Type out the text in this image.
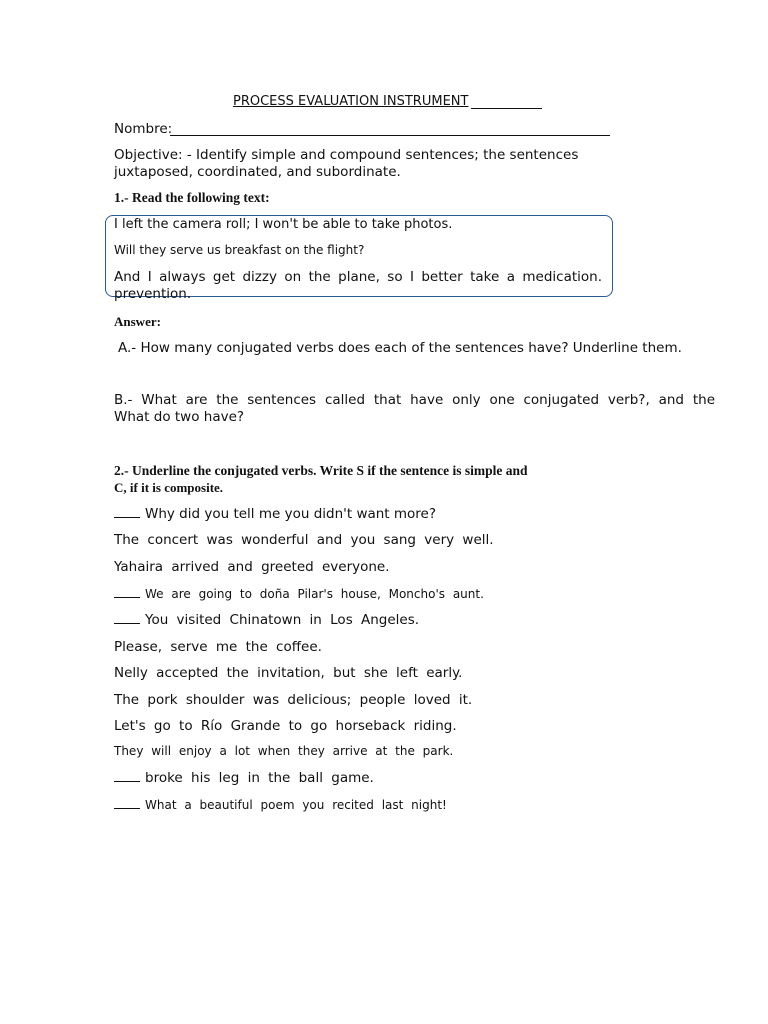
PROCESS EVALUATION INSTRUMENT
Nombre:
Objective: - Identify simple and compound sentences; the sentences juxtaposed, coordinated, and subordinate.
1.- Read the following text:
I left the camera roll; I won't be able to take photos.
Will they serve us breakfast on the flight?
And I always get dizzy on the plane, so I better take a medication.
prevention.
Answer:
A.- How many conjugated verbs does each of the sentences have? Underline them.
B.- What are the sentences called that have only one conjugated verb?, and the
What do two have?
2.- Underline the conjugated verbs. Write S if the sentence is simple and
C, if it is composite.
Why did you tell me you didn't want more?
The concert was wonderful and you sang very well.
Yahaira arrived and greeted everyone.
We are going to doña Pilar's house, Moncho's aunt.
You visited Chinatown in Los Angeles.
Please, serve me the coffee.
Nelly accepted the invitation, but she left early.
The pork shoulder was delicious; people loved it.
Let's go to Río Grande to go horseback riding.
They will enjoy a lot when they arrive at the park.
broke his leg in the ball game.
What a beautiful poem you recited last night!
